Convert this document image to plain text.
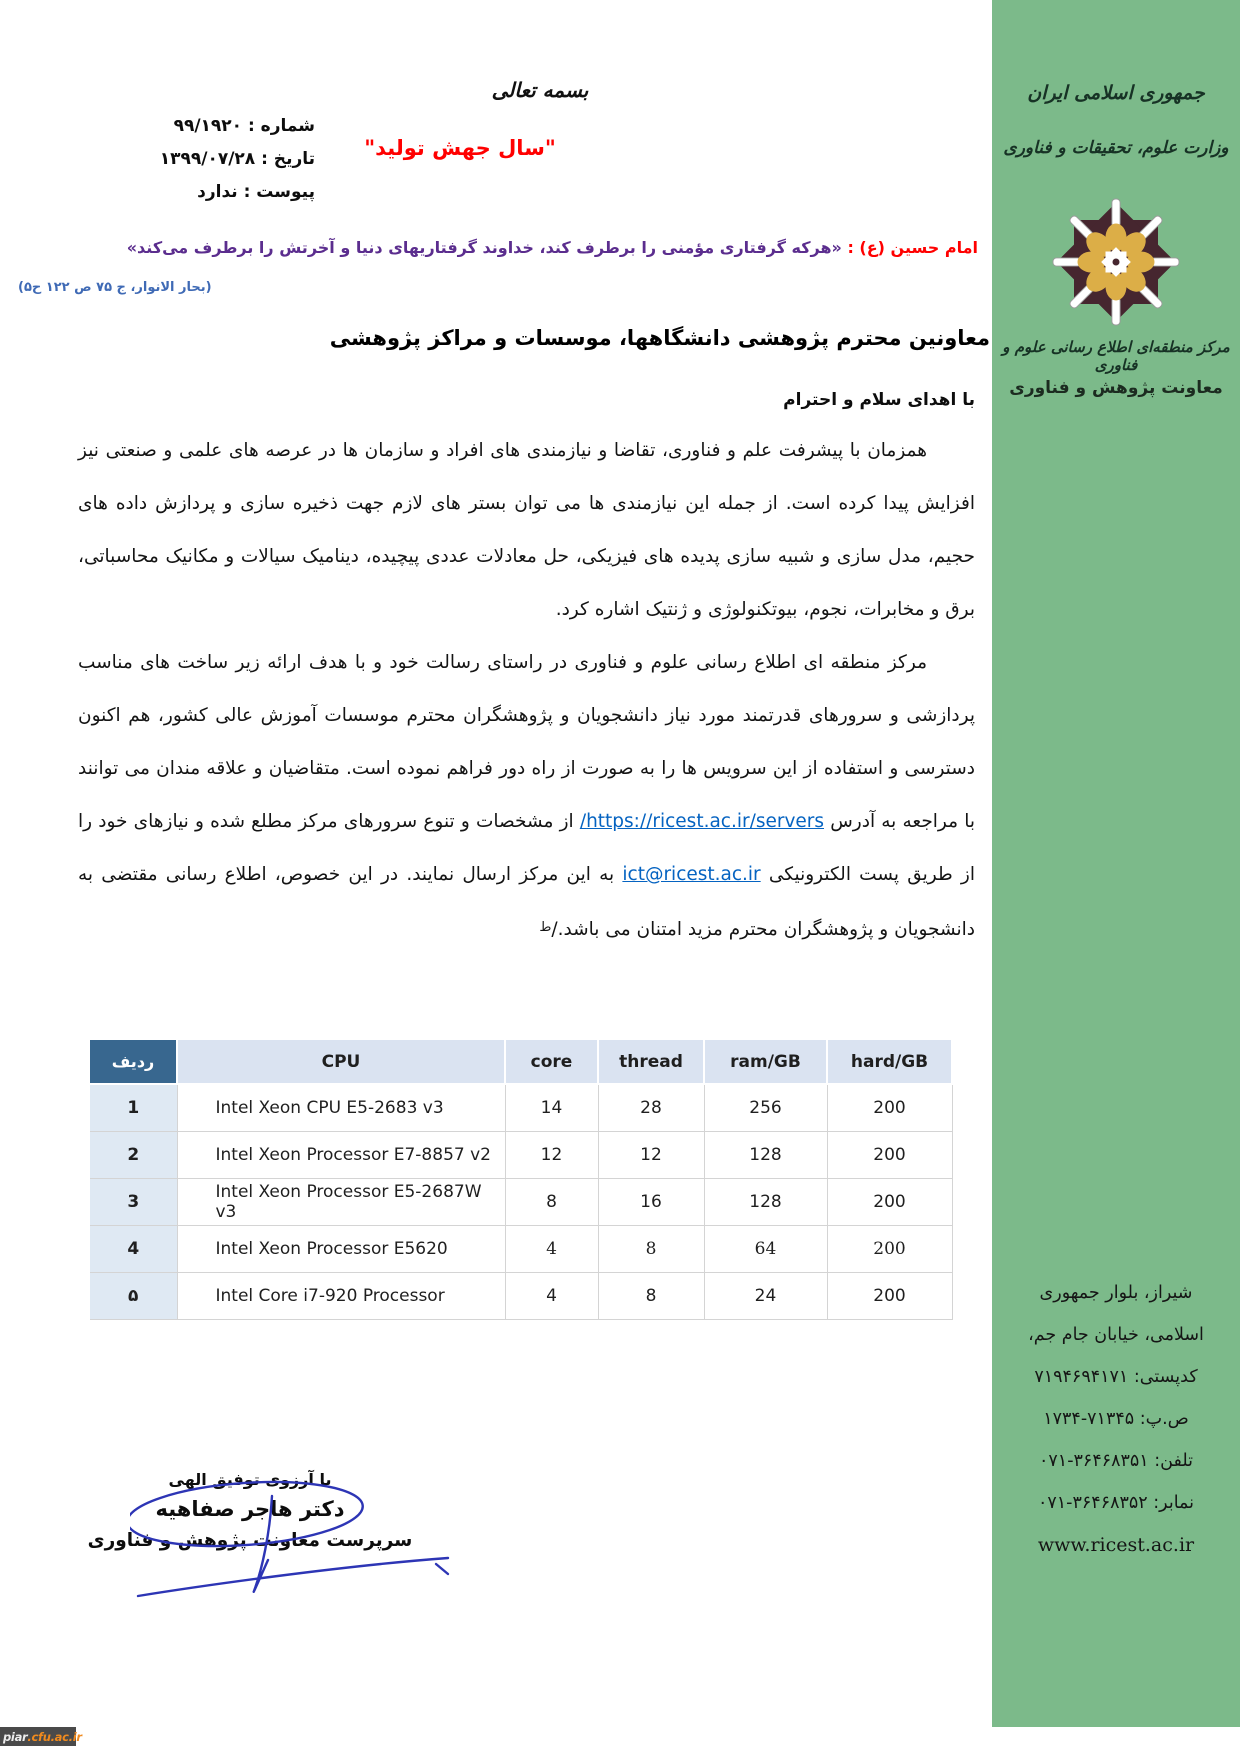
جمهوری اسلامی ایران
وزارت علوم، تحقیقات و فناوری
مرکز منطقه‌ای اطلاع رسانی علوم و فناوری
معاونت پژوهش و فناوری
شیراز، بلوار جمهوری
اسلامی، خیابان جام جم،
کدپستی: ۷۱۹۴۶۹۴۱۷۱
ص.پ: ۷۱۳۴۵-۱۷۳۴
تلفن: ۳۶۴۶۸۳۵۱-۰۷۱
نمابر: ۳۶۴۶۸۳۵۲-۰۷۱
www.ricest.ac.ir
بسمه تعالی
"سال جهش تولید"
شماره : ۹۹/۱۹۲۰
تاریخ : ۱۳۹۹/۰۷/۲۸
پیوست : ندارد
امام حسین (ع) : «هرکه گرفتاری مؤمنی را برطرف کند، خداوند گرفتاریهای دنیا و آخرتش را برطرف می‌کند»
(بحار الانوار، ج ۷۵ ص ۱۲۲ ح۵)
معاونین محترم پژوهشی دانشگاهها، موسسات و مراکز پژوهشی
با اهدای سلام و احترام

همزمان با پیشرفت علم و فناوری، تقاضا و نیازمندی های افراد و سازمان ها در عرصه های علمی و صنعتی نیز افزایش پیدا کرده است. از جمله این نیازمندی ها می توان بستر های لازم جهت ذخیره سازی و پردازش داده های حجیم، مدل سازی و شبیه سازی پدیده های فیزیکی، حل معادلات عددی پیچیده، دینامیک سیالات و مکانیک محاسباتی، برق و مخابرات، نجوم، بیوتکنولوژی و ژنتیک اشاره کرد.

مرکز منطقه ای اطلاع رسانی علوم و فناوری در راستای رسالت خود و با هدف ارائه زیر ساخت های مناسب پردازشی و سرورهای قدرتمند مورد نیاز دانشجویان و پژوهشگران محترم موسسات آموزش عالی کشور، هم اکنون دسترسی و استفاده از این سرویس ها را به صورت از راه دور فراهم نموده است. متقاضیان و علاقه مندان می توانند با مراجعه به آدرس https://ricest.ac.ir/servers/ از مشخصات و تنوع سرورهای مرکز مطلع شده و نیازهای خود را از طریق پست الکترونیکی ict@ricest.ac.ir به این مرکز ارسال نمایند. در این خصوص، اطلاع رسانی مقتضی به دانشجویان و پژوهشگران محترم مزید امتنان می باشد./$^ط$

ردیف	CPU	core	thread	ram/GB	hard/GB
1	Intel Xeon CPU E5-2683 v3	14	28	256	200
2	Intel Xeon Processor E7-8857 v2	12	12	128	200
3	Intel Xeon Processor E5-2687W v3	8	16	128	200
4	Intel Xeon Processor E5620	4	8	64	200
۵	Intel Core i7-920 Processor	4	8	24	200
با آرزوی توفیق الهی
دکتر هاجر صفاهیه
سرپرست معاونت پژوهش و فناوری
piar .cfu.ac.ir
